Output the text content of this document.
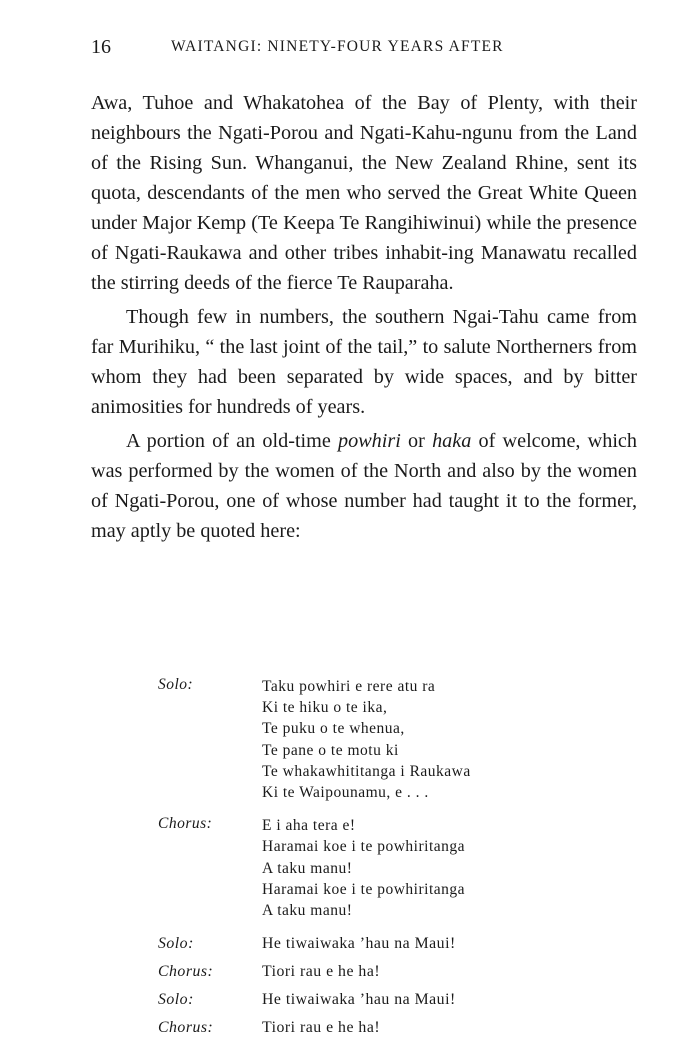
16	WAITANGI: NINETY-FOUR YEARS AFTER

Awa, Tuhoe and Whakatohea of the Bay of Plenty, with their neighbours the Ngati-Porou and Ngati-Kahu-ngunu from the Land of the Rising Sun. Whanganui, the New Zealand Rhine, sent its quota, descendants of the men who served the Great White Queen under Major Kemp (Te Keepa Te Rangihiwinui) while the presence of Ngati-Raukawa and other tribes inhabit-ing Manawatu recalled the stirring deeds of the fierce Te Rauparaha.

Though few in numbers, the southern Ngai-Tahu came from far Murihiku, “ the last joint of the tail,” to salute Northerners from whom they had been separated by wide spaces, and by bitter animosities for hundreds of years.

A portion of an old-time powhiri or haka of welcome, which was performed by the women of the North and also by the women of Ngati-Porou, one of whose number had taught it to the former, may aptly be quoted here:

Solo:	Taku powhiri e rere atu ra
Ki te hiku o te ika,
Te puku o te whenua,
Te pane o te motu ki
Te whakawhititanga i Raukawa
Ki te Waipounamu, e . . .
Chorus:	E i aha tera e!
Haramai koe i te powhiritanga
A taku manu!
Haramai koe i te powhiritanga
A taku manu!
Solo:	He tiwaiwaka ’hau na Maui!
Chorus:	Tiori rau e he ha!
Solo:	He tiwaiwaka ’hau na Maui!
Chorus:	Tiori rau e he ha!
